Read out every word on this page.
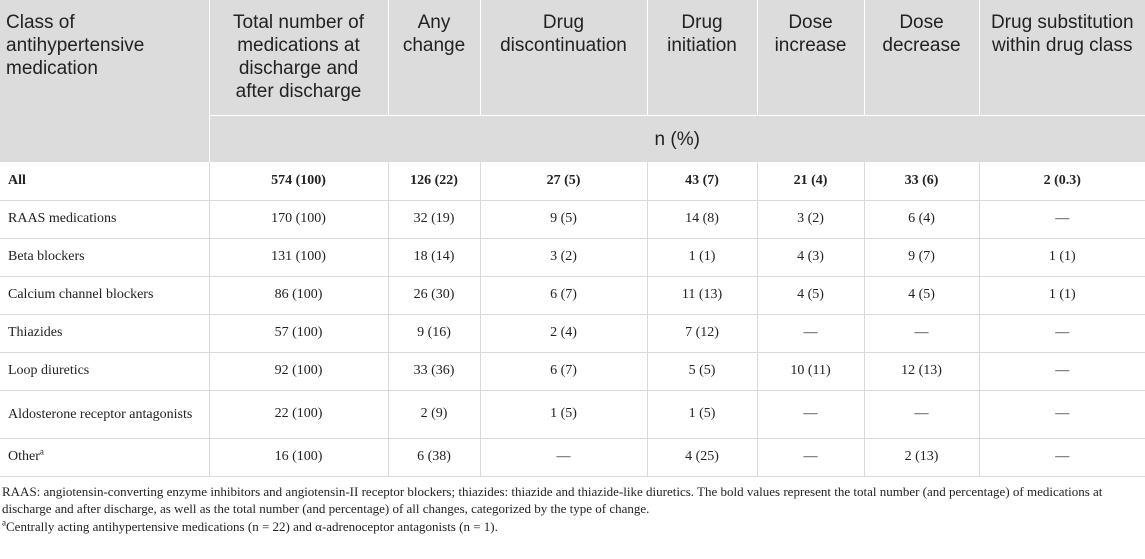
Class of antihypertensive medication	Total number of medications at discharge and after discharge	Any change	Drug discontinuation	Drug initiation	Dose increase	Dose decrease	Drug substitution within drug class
	n (%)						
All	574 (100)	126 (22)	27 (5)	43 (7)	21 (4)	33 (6)	2 (0.3)
RAAS medications	170 (100)	32 (19)	9 (5)	14 (8)	3 (2)	6 (4)	—
Beta blockers	131 (100)	18 (14)	3 (2)	1 (1)	4 (3)	9 (7)	1 (1)
Calcium channel blockers	86 (100)	26 (30)	6 (7)	11 (13)	4 (5)	4 (5)	1 (1)
Thiazides	57 (100)	9 (16)	2 (4)	7 (12)	—	—	—
Loop diuretics	92 (100)	33 (36)	6 (7)	5 (5)	10 (11)	12 (13)	—
Aldosterone receptor antagonists	22 (100)	2 (9)	1 (5)	1 (5)	—	—	—
Other$^a$	16 (100)	6 (38)	—	4 (25)	—	2 (13)	—

RAAS: angiotensin-converting enzyme inhibitors and angiotensin-II receptor blockers; thiazides: thiazide and thiazide-like diuretics. The bold values represent the total number (and percentage) of medications at discharge and after discharge, as well as the total number (and percentage) of all changes, categorized by the type of change.

$^a$Centrally acting antihypertensive medications (n = 22) and α-adrenoceptor antagonists (n = 1).
